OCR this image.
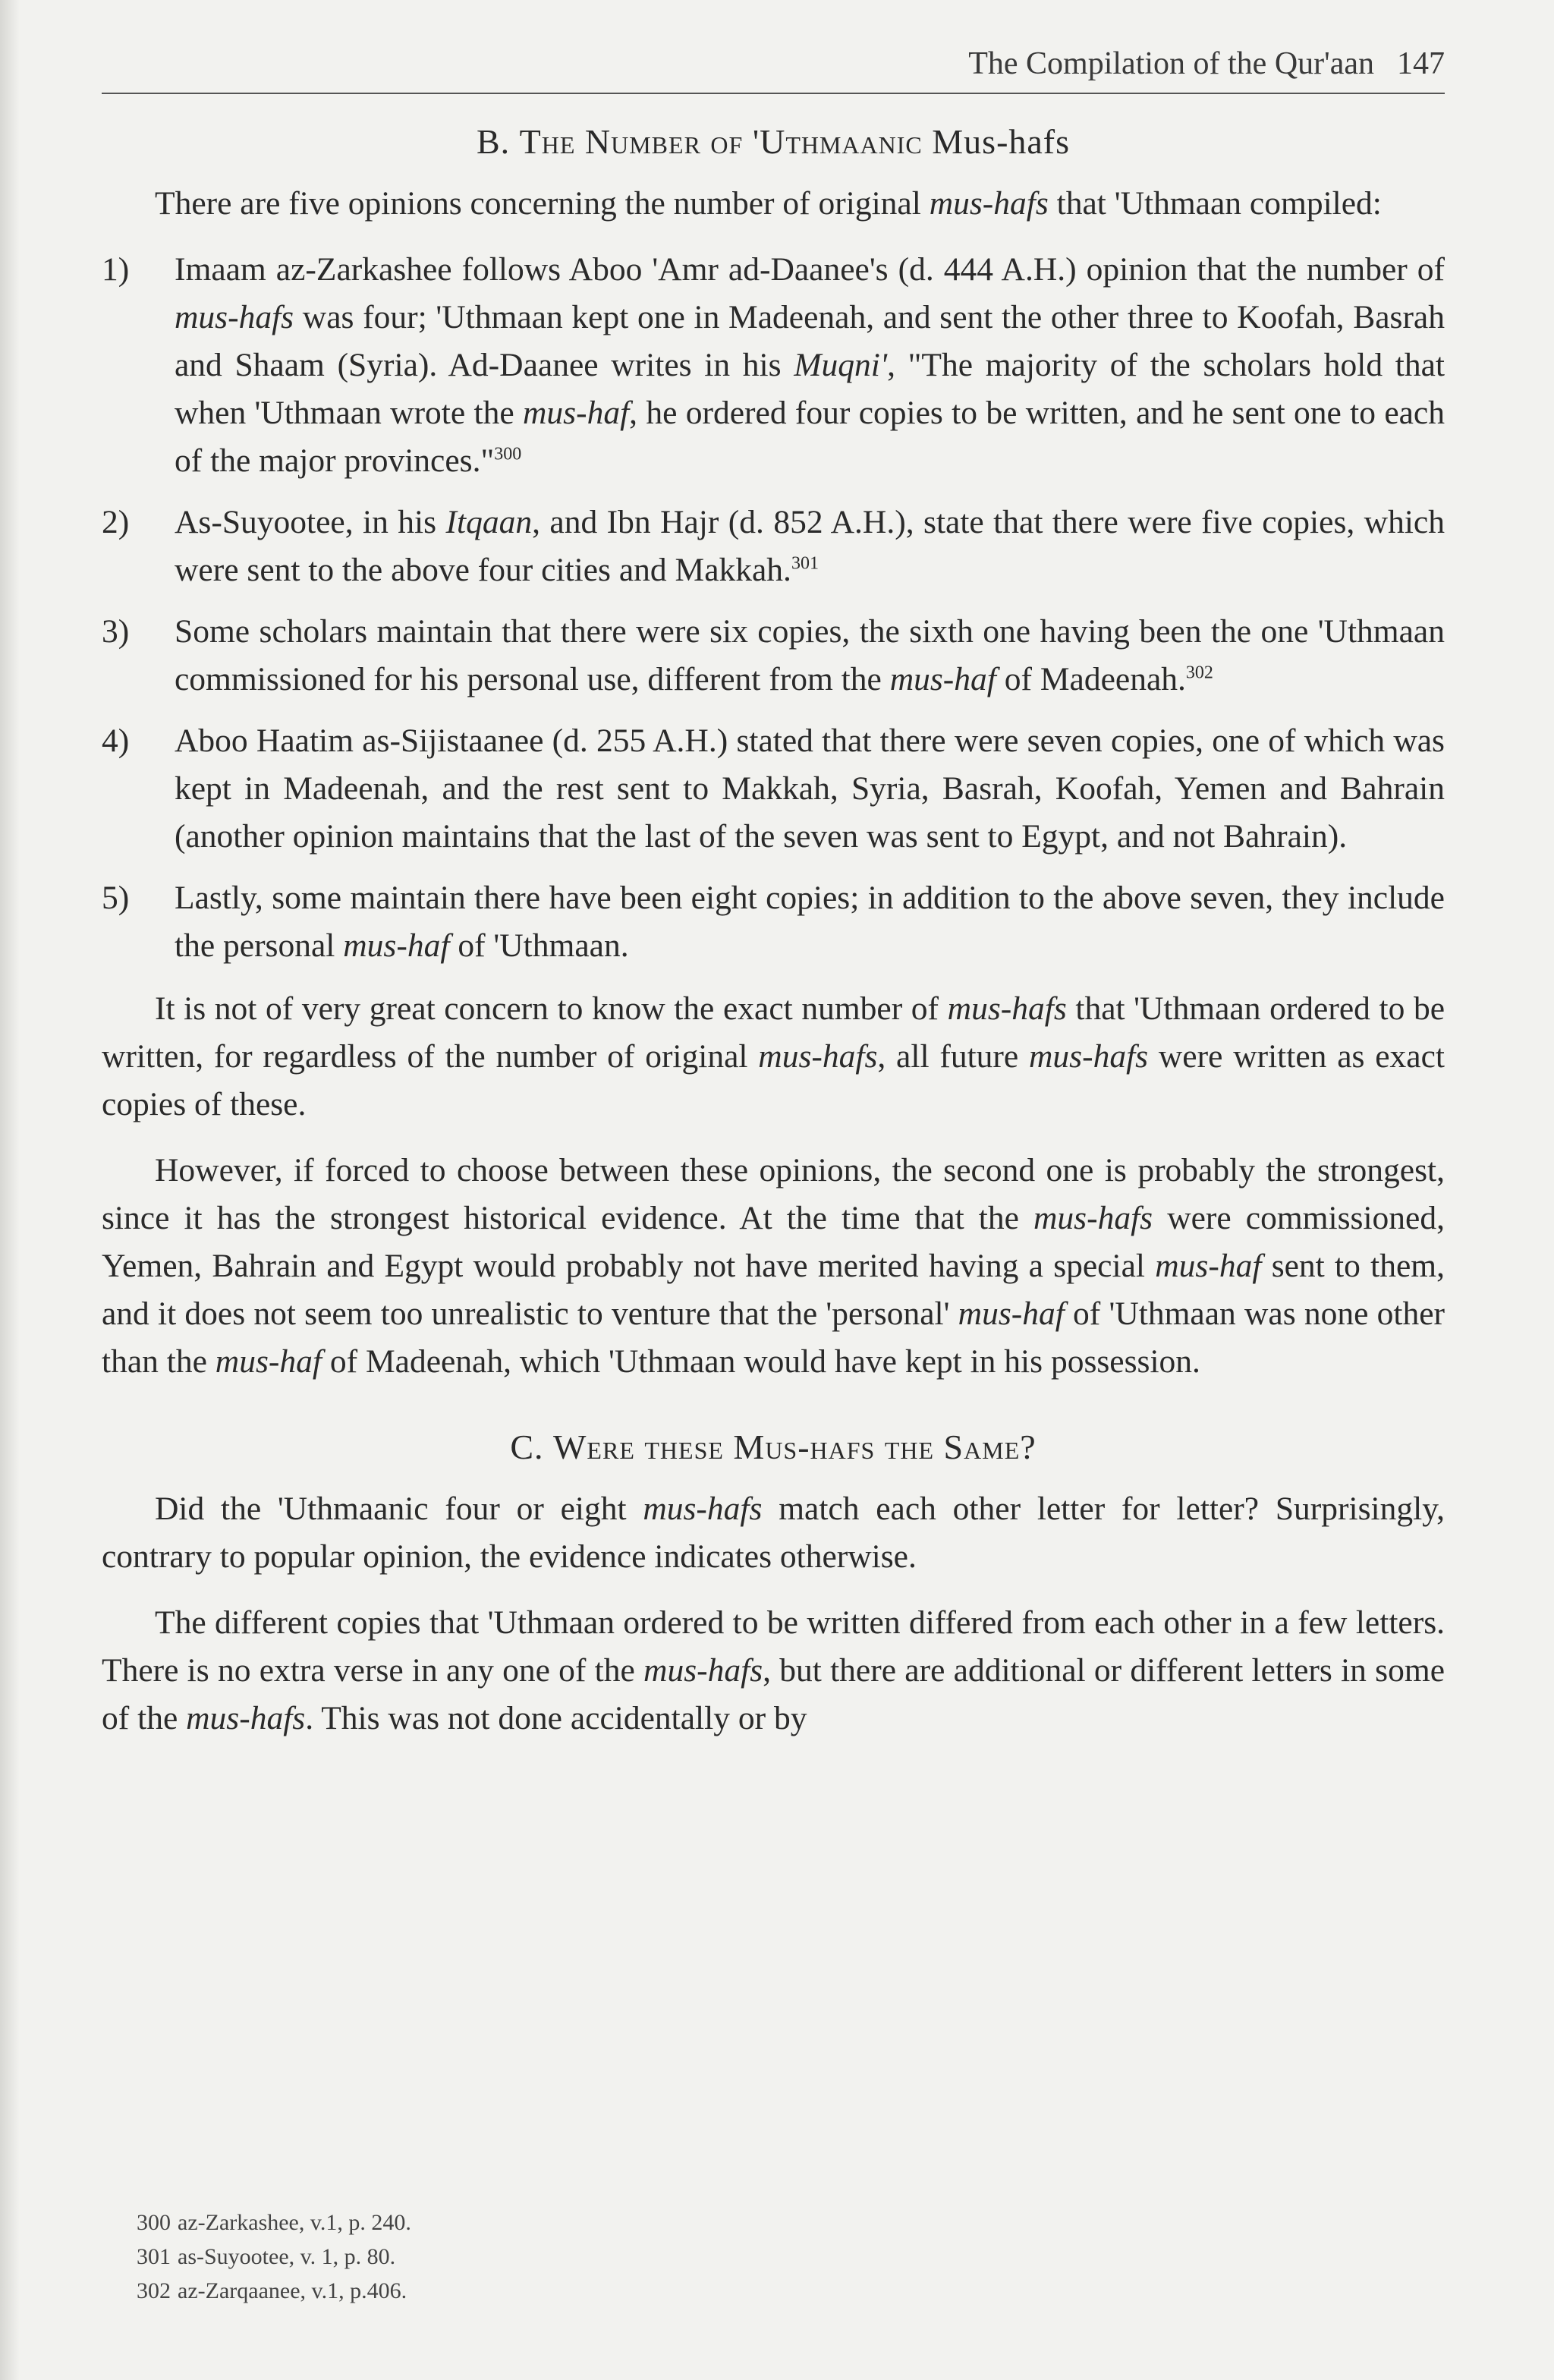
The Compilation of the Qur'aan 147
B. The Number of 'Uthmaanic Mus-hafs

There are five opinions concerning the number of original mus-hafs that 'Uthmaan compiled:

1) Imaam az-Zarkashee follows Aboo 'Amr ad-Daanee's (d. 444 A.H.) opinion that the number of mus-hafs was four; 'Uthmaan kept one in Madeenah, and sent the other three to Koofah, Basrah and Shaam (Syria). Ad-Daanee writes in his Muqni', "The majority of the scholars hold that when 'Uthmaan wrote the mus-haf, he ordered four copies to be written, and he sent one to each of the major provinces."$^{300}$
2) As-Suyootee, in his Itqaan, and Ibn Hajr (d. 852 A.H.), state that there were five copies, which were sent to the above four cities and Makkah.$^{301}$
3) Some scholars maintain that there were six copies, the sixth one having been the one 'Uthmaan commissioned for his personal use, different from the mus-haf of Madeenah.$^{302}$
4) Aboo Haatim as-Sijistaanee (d. 255 A.H.) stated that there were seven copies, one of which was kept in Madeenah, and the rest sent to Makkah, Syria, Basrah, Koofah, Yemen and Bahrain (another opinion maintains that the last of the seven was sent to Egypt, and not Bahrain).
5) Lastly, some maintain there have been eight copies; in addition to the above seven, they include the personal mus-haf of 'Uthmaan.

It is not of very great concern to know the exact number of mus-hafs that 'Uthmaan ordered to be written, for regardless of the number of original mus-hafs, all future mus-hafs were written as exact copies of these.

However, if forced to choose between these opinions, the second one is probably the strongest, since it has the strongest historical evidence. At the time that the mus-hafs were commissioned, Yemen, Bahrain and Egypt would probably not have merited having a special mus-haf sent to them, and it does not seem too unrealistic to venture that the 'personal' mus-haf of 'Uthmaan was none other than the mus-haf of Madeenah, which 'Uthmaan would have kept in his possession.

C. Were these Mus-hafs the Same?

Did the 'Uthmaanic four or eight mus-hafs match each other letter for letter? Surprisingly, contrary to popular opinion, the evidence indicates otherwise.

The different copies that 'Uthmaan ordered to be written differed from each other in a few letters. There is no extra verse in any one of the mus-hafs, but there are additional or different letters in some of the mus-hafs. This was not done accidentally or by

300 az-Zarkashee, v.1, p. 240.
301 as-Suyootee, v. 1, p. 80.
302 az-Zarqaanee, v.1, p.406.
